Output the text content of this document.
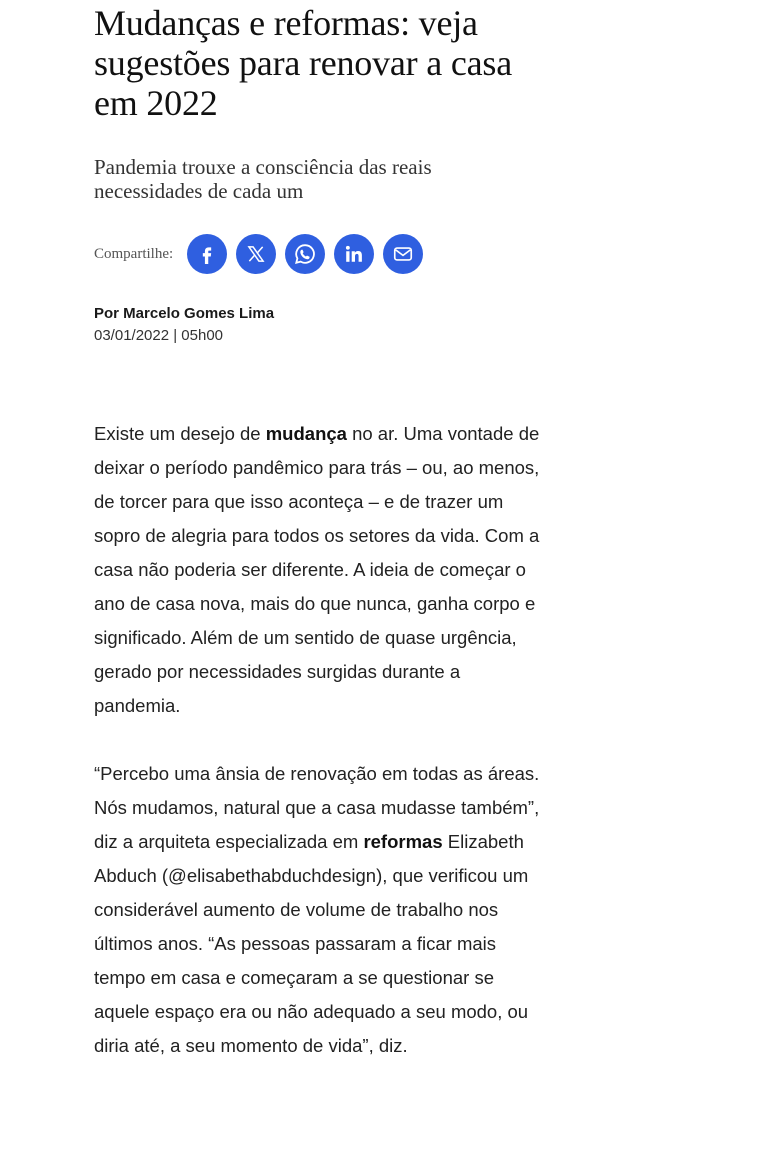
Mudanças e reformas: veja sugestões para renovar a casa em 2022

Pandemia trouxe a consciência das reais necessidades de cada um

Compartilhe:
Por Marcelo Gomes Lima
03/01/2022 | 05h00

Existe um desejo de mudança no ar. Uma vontade de deixar o período pandêmico para trás – ou, ao menos, de torcer para que isso aconteça – e de trazer um sopro de alegria para todos os setores da vida. Com a casa não poderia ser diferente. A ideia de começar o ano de casa nova, mais do que nunca, ganha corpo e significado. Além de um sentido de quase urgência, gerado por necessidades surgidas durante a pandemia.

“Percebo uma ânsia de renovação em todas as áreas. Nós mudamos, natural que a casa mudasse também”, diz a arquiteta especializada em reformas Elizabeth Abduch (@elisabethabduchdesign), que verificou um considerável aumento de volume de trabalho nos últimos anos. “As pessoas passaram a ficar mais tempo em casa e começaram a se questionar se aquele espaço era ou não adequado a seu modo, ou diria até, a seu momento de vida”, diz.
